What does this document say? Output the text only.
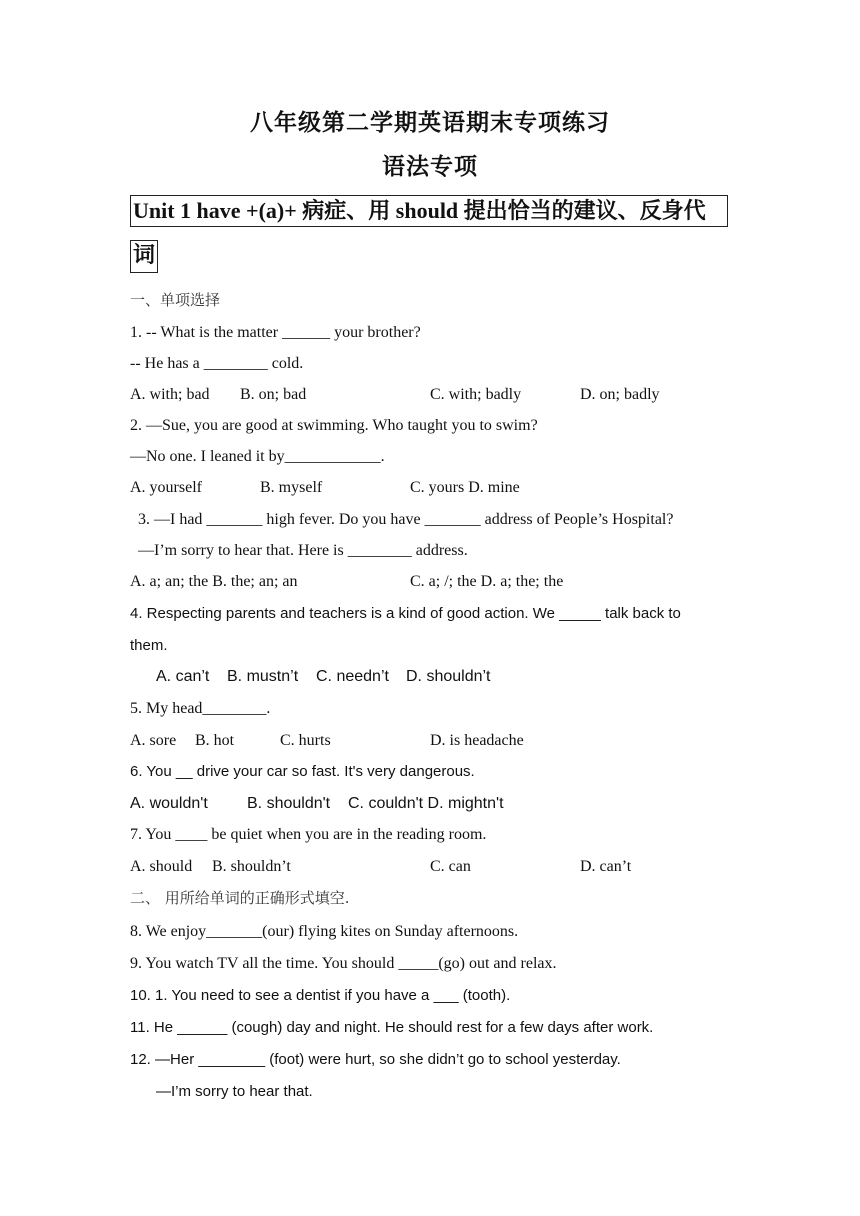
八年级第二学期英语期末专项练习
语法专项
Unit 1 have +(a)+ 病症、用 should 提出恰当的建议、反身代
词
一、单项选择
1. -- What is the matter ______ your brother?
-- He has a ________ cold.
A. with; bad B. on; bad	C. with; badly	D. on; badly
2. —Sue, you are good at swimming. Who taught you to swim?
—No one. I leaned it by____________.
A. yourself	B. myself	C. yours D. mine
3. —I had _______ high fever. Do you have _______ address of People’s Hospital?
—I’m sorry to hear that. Here is ________ address.
A. a; an; the B. the; an; an	C. a; /; the D. a; the; the
4. Respecting parents and teachers is a kind of good action. We _____ talk back to
them.
A. can’t B. mustn’t C. needn’t D. shouldn’t
5. My head________.
A. sore B. hot	C. hurts	D. is headache
6. You __ drive your car so fast. It's very dangerous.
A. wouldn't B. shouldn't C. couldn't D. mightn't
7. You ____ be quiet when you are in the reading room.
A. should B. shouldn’t	C. can	D. can’t
二、 用所给单词的正确形式填空.
8. We enjoy_______(our) flying kites on Sunday afternoons.
9. You watch TV all the time. You should _____(go) out and relax.
10. 1. You need to see a dentist if you have a ___ (tooth).
11. He ______ (cough) day and night. He should rest for a few days after work.
12. —Her ________ (foot) were hurt, so she didn’t go to school yesterday.
—I’m sorry to hear that.
